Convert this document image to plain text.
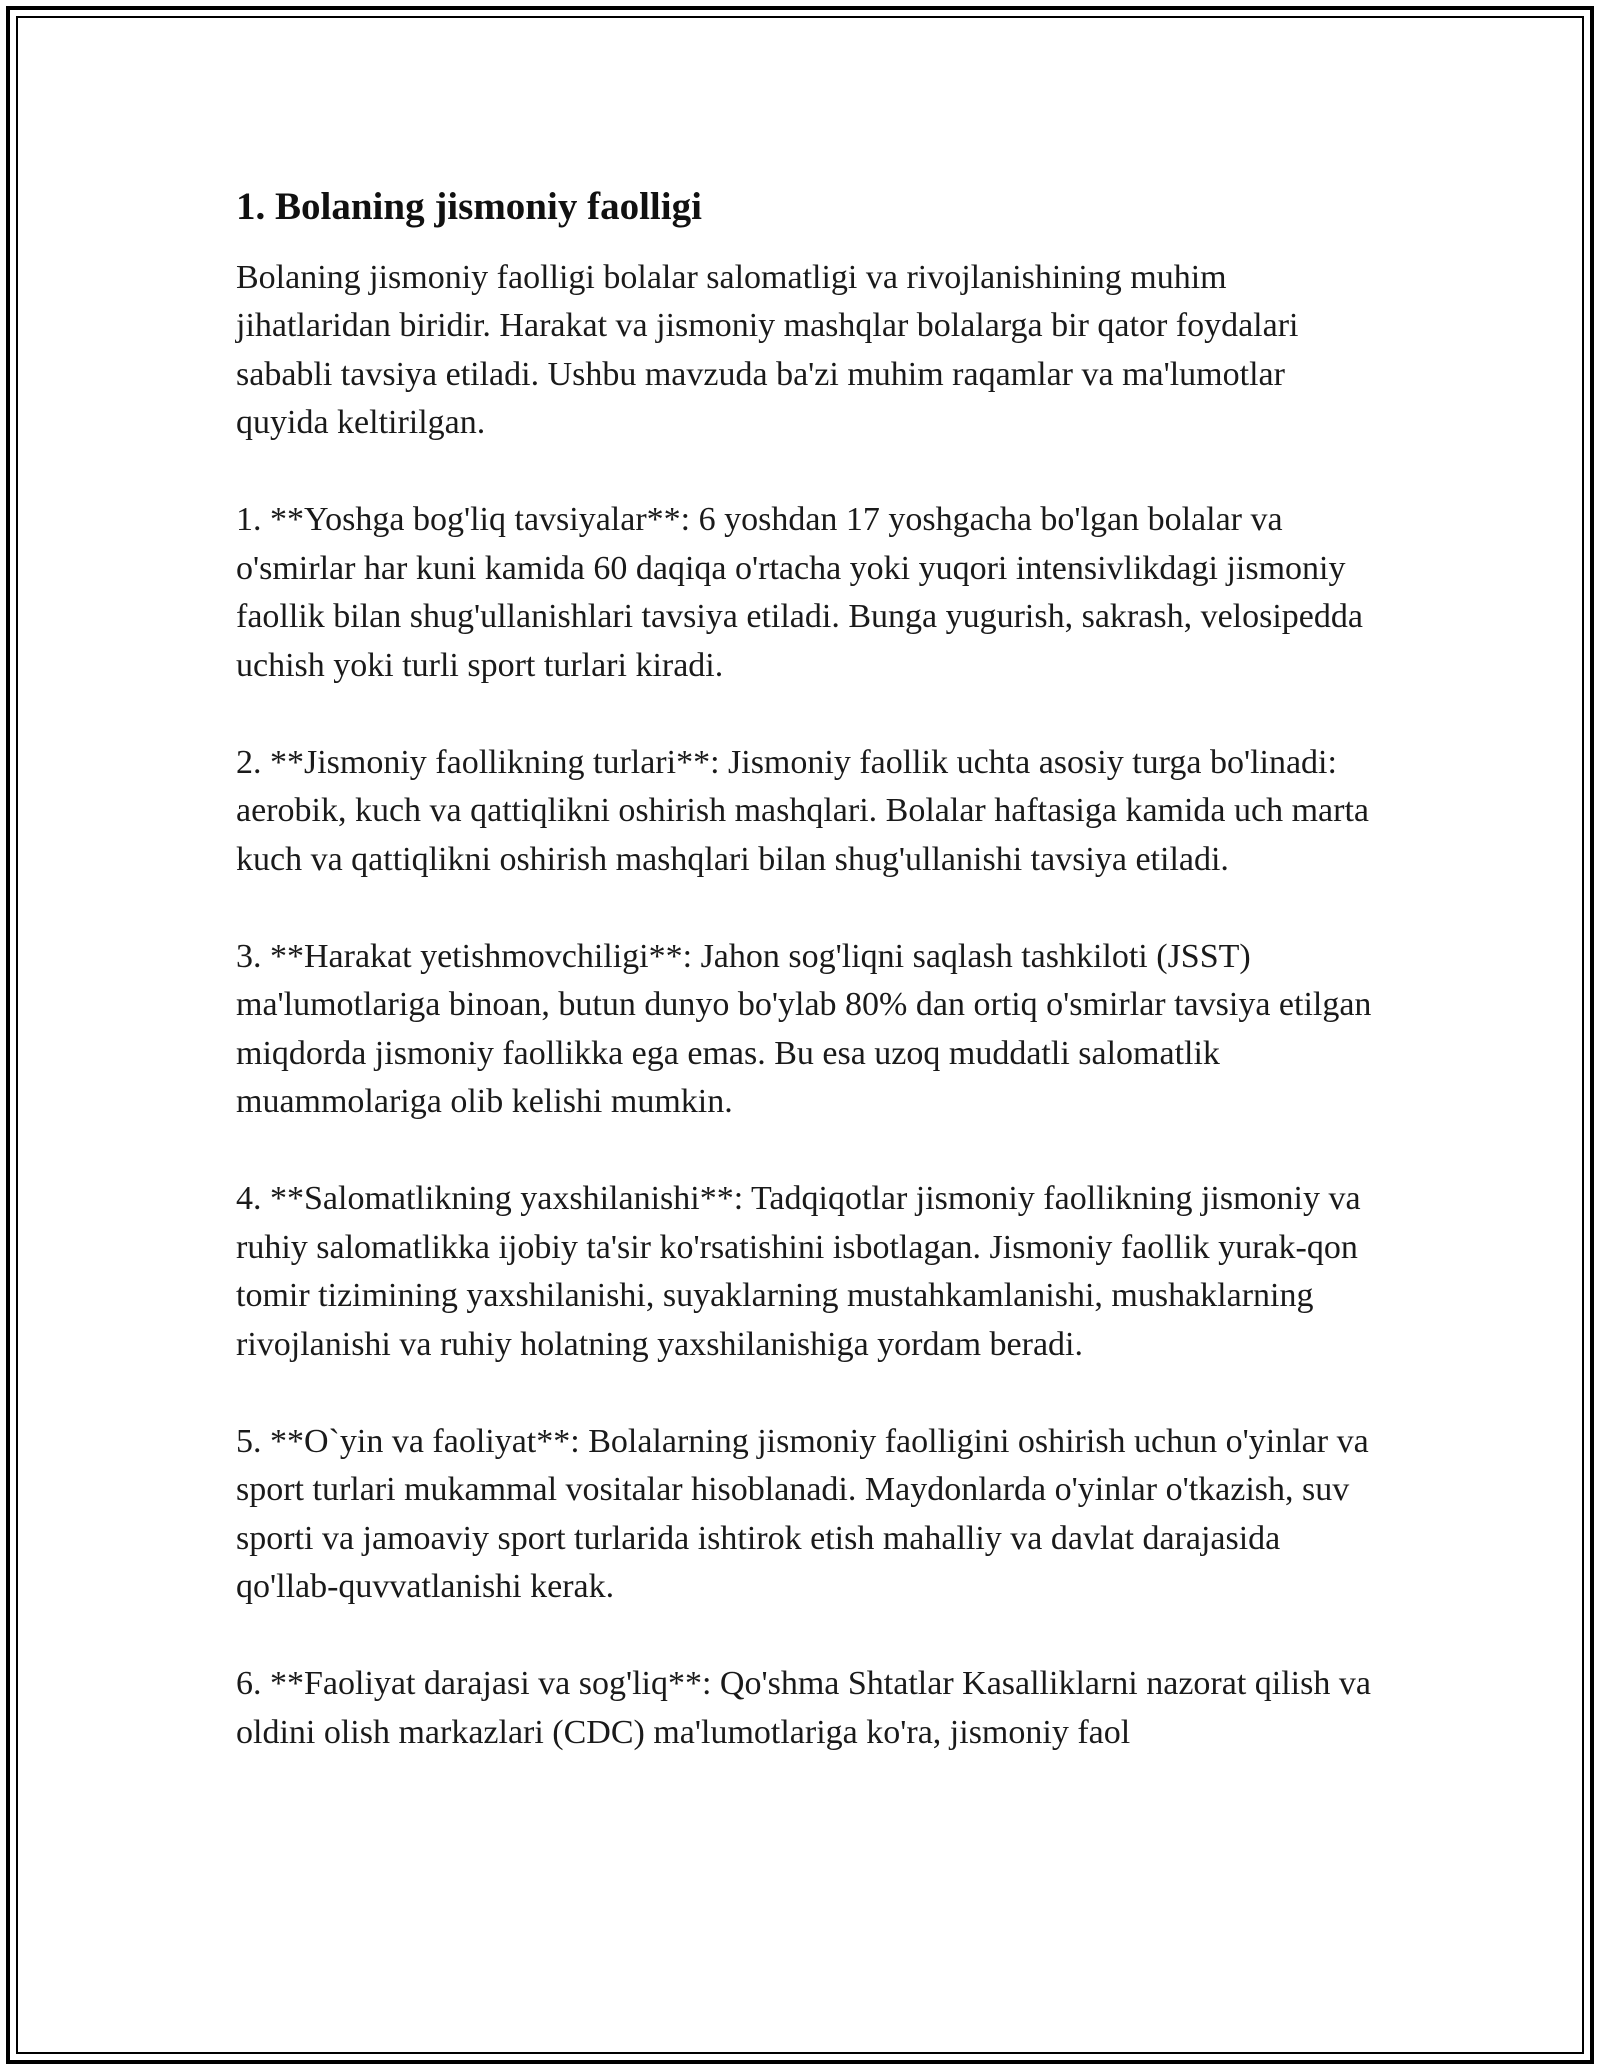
1. Bolaning jismoniy faolligi

Bolaning jismoniy faolligi bolalar salomatligi va rivojlanishining muhim jihatlaridan biridir. Harakat va jismoniy mashqlar bolalarga bir qator foydalari sababli tavsiya etiladi. Ushbu mavzuda ba'zi muhim raqamlar va ma'lumotlar quyida keltirilgan.

1. **Yoshga bog'liq tavsiyalar**: 6 yoshdan 17 yoshgacha bo'lgan bolalar va o'smirlar har kuni kamida 60 daqiqa o'rtacha yoki yuqori intensivlikdagi jismoniy faollik bilan shug'ullanishlari tavsiya etiladi. Bunga yugurish, sakrash, velosipedda uchish yoki turli sport turlari kiradi.

2. **Jismoniy faollikning turlari**: Jismoniy faollik uchta asosiy turga bo'linadi: aerobik, kuch va qattiqlikni oshirish mashqlari. Bolalar haftasiga kamida uch marta kuch va qattiqlikni oshirish mashqlari bilan shug'ullanishi tavsiya etiladi.

3. **Harakat yetishmovchiligi**: Jahon sog'liqni saqlash tashkiloti (JSST) ma'lumotlariga binoan, butun dunyo bo'ylab 80% dan ortiq o'smirlar tavsiya etilgan miqdorda jismoniy faollikka ega emas. Bu esa uzoq muddatli salomatlik muammolariga olib kelishi mumkin.

4. **Salomatlikning yaxshilanishi**: Tadqiqotlar jismoniy faollikning jismoniy va ruhiy salomatlikka ijobiy ta'sir ko'rsatishini isbotlagan. Jismoniy faollik yurak-qon tomir tizimining yaxshilanishi, suyaklarning mustahkamlanishi, mushaklarning rivojlanishi va ruhiy holatning yaxshilanishiga yordam beradi.

5. **O`yin va faoliyat**: Bolalarning jismoniy faolligini oshirish uchun o'yinlar va sport turlari mukammal vositalar hisoblanadi. Maydonlarda o'yinlar o'tkazish, suv sporti va jamoaviy sport turlarida ishtirok etish mahalliy va davlat darajasida qo'llab-quvvatlanishi kerak.

6. **Faoliyat darajasi va sog'liq**: Qo'shma Shtatlar Kasalliklarni nazorat qilish va oldini olish markazlari (CDC) ma'lumotlariga ko'ra, jismoniy faol
